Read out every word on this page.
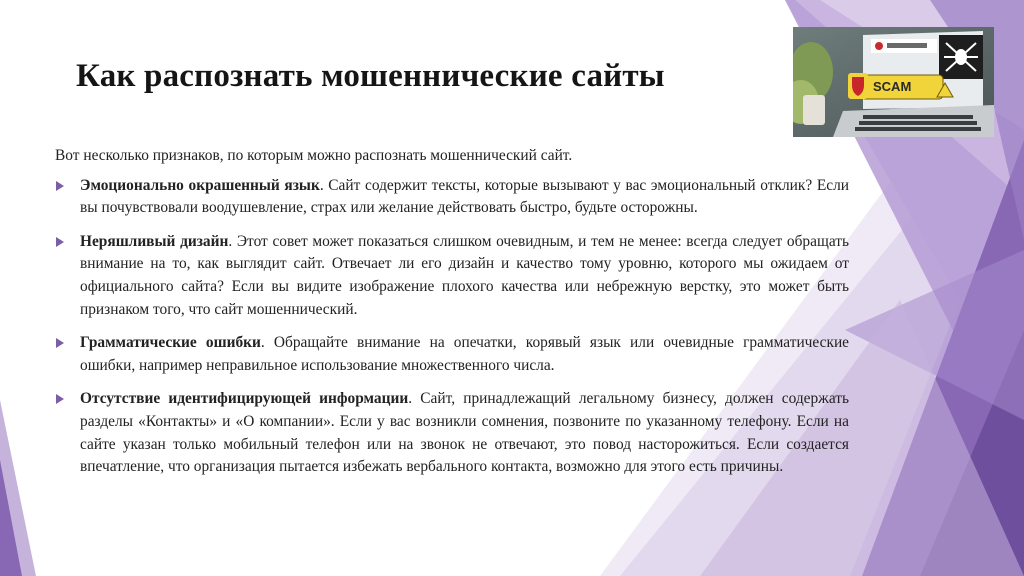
Как распознать мошеннические сайты	SCAM

Вот несколько признаков, по которым можно распознать мошеннический сайт.

Эмоционально окрашенный язык. Сайт содержит тексты, которые вызывают у вас эмоциональный отклик? Если вы почувствовали воодушевление, страх или желание действовать быстро, будьте осторожны.
Неряшливый дизайн. Этот совет может показаться слишком очевидным, и тем не менее: всегда следует обращать внимание на то, как выглядит сайт. Отвечает ли его дизайн и качество тому уровню, которого мы ожидаем от официального сайта? Если вы видите изображение плохого качества или небрежную верстку, это может быть признаком того, что сайт мошеннический.
Грамматические ошибки. Обращайте внимание на опечатки, корявый язык или очевидные грамматические ошибки, например неправильное использование множественного числа.
Отсутствие идентифицирующей информации. Сайт, принадлежащий легальному бизнесу, должен содержать разделы «Контакты» и «О компании». Если у вас возникли сомнения, позвоните по указанному телефону. Если на сайте указан только мобильный телефон или на звонок не отвечают, это повод насторожиться. Если создается впечатление, что организация пытается избежать вербального контакта, возможно для этого есть причины.
